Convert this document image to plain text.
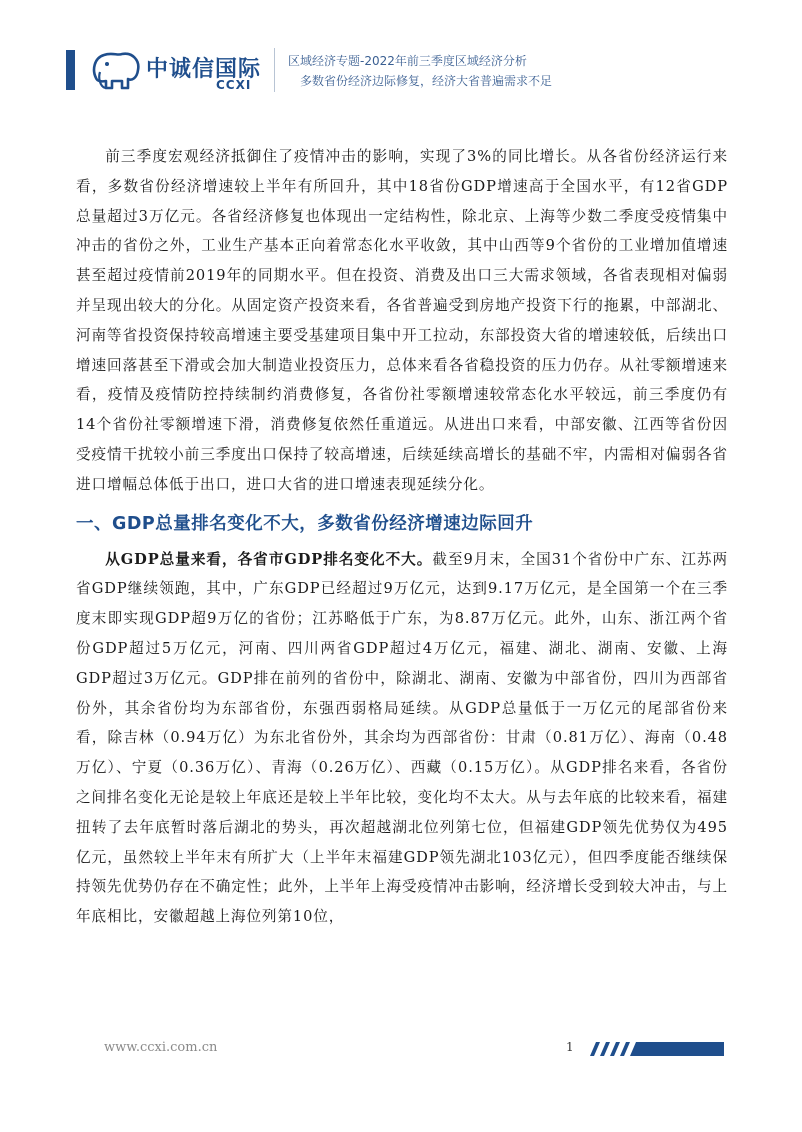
中诚信国际
CCXI
区域经济专题-2022年前三季度区域经济分析
多数省份经济边际修复，经济大省普遍需求不足

前三季度宏观经济抵御住了疫情冲击的影响，实现了3%的同比增长。从各省份经济运行来看，多数省份经济增速较上半年有所回升，其中18省份GDP增速高于全国水平，有12省GDP总量超过3万亿元。各省经济修复也体现出一定结构性，除北京、上海等少数二季度受疫情集中冲击的省份之外，工业生产基本正向着常态化水平收敛，其中山西等9个省份的工业增加值增速甚至超过疫情前2019年的同期水平。但在投资、消费及出口三大需求领域，各省表现相对偏弱并呈现出较大的分化。从固定资产投资来看，各省普遍受到房地产投资下行的拖累，中部湖北、河南等省投资保持较高增速主要受基建项目集中开工拉动，东部投资大省的增速较低，后续出口增速回落甚至下滑或会加大制造业投资压力，总体来看各省稳投资的压力仍存。从社零额增速来看，疫情及疫情防控持续制约消费修复，各省份社零额增速较常态化水平较远，前三季度仍有14个省份社零额增速下滑，消费修复依然任重道远。从进出口来看，中部安徽、江西等省份因受疫情干扰较小前三季度出口保持了较高增速，后续延续高增长的基础不牢，内需相对偏弱各省进口增幅总体低于出口，进口大省的进口增速表现延续分化。

一、GDP总量排名变化不大，多数省份经济增速边际回升

从GDP总量来看，各省市GDP排名变化不大。截至9月末，全国31个省份中广东、江苏两省GDP继续领跑，其中，广东GDP已经超过9万亿元，达到9.17万亿元，是全国第一个在三季度末即实现GDP超9万亿的省份；江苏略低于广东，为8.87万亿元。此外，山东、浙江两个省份GDP超过5万亿元，河南、四川两省GDP超过4万亿元，福建、湖北、湖南、安徽、上海GDP超过3万亿元。GDP排在前列的省份中，除湖北、湖南、安徽为中部省份，四川为西部省份外，其余省份均为东部省份，东强西弱格局延续。从GDP总量低于一万亿元的尾部省份来看，除吉林（0.94万亿）为东北省份外，其余均为西部省份：甘肃（0.81万亿）、海南（0.48万亿）、宁夏（0.36万亿）、青海（0.26万亿）、西藏（0.15万亿）。从GDP排名来看，各省份之间排名变化无论是较上年底还是较上半年比较，变化均不太大。从与去年底的比较来看，福建扭转了去年底暂时落后湖北的势头，再次超越湖北位列第七位，但福建GDP领先优势仅为495亿元，虽然较上半年末有所扩大（上半年末福建GDP领先湖北103亿元），但四季度能否继续保持领先优势仍存在不确定性；此外，上半年上海受疫情冲击影响，经济增长受到较大冲击，与上年底相比，安徽超越上海位列第10位，

www.ccxi.com.cn	1
